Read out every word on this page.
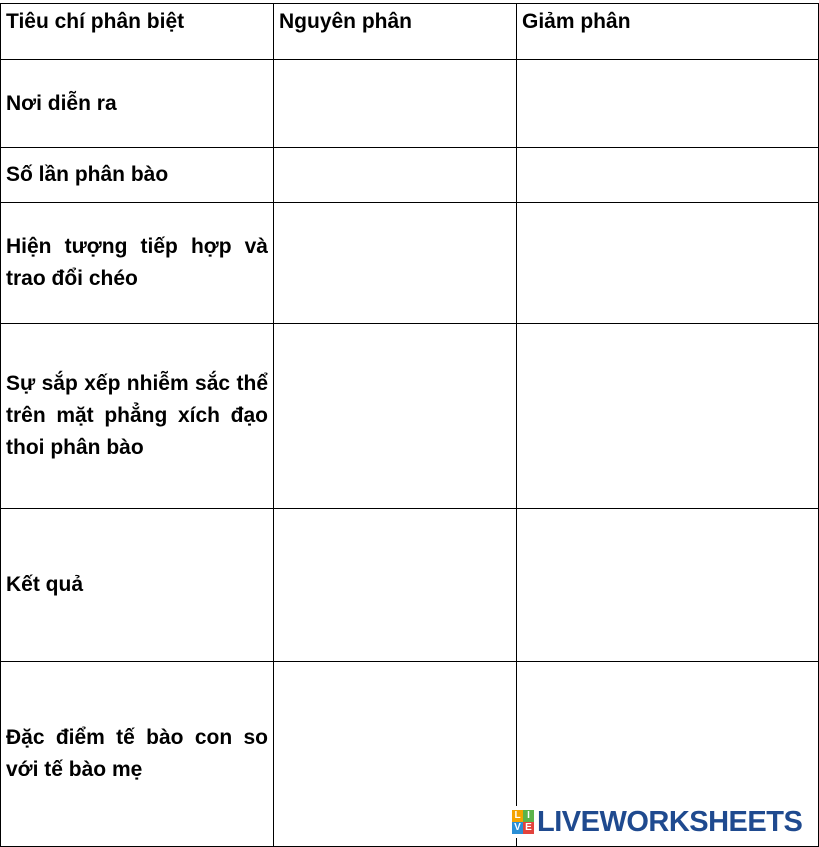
Tiêu chí phân biệt	Nguyên phân	Giảm phân

Nơi diễn ra		

Số lần phân bào		

Hiện tượng tiếp hợp và trao đổi chéo		

Sự sắp xếp nhiễm sắc thể trên mặt phẳng xích đạo thoi phân bào		

Kết quả		

Đặc điểm tế bào con so với tế bào mẹ		

L I
V E LIVEWORKSHEETS
